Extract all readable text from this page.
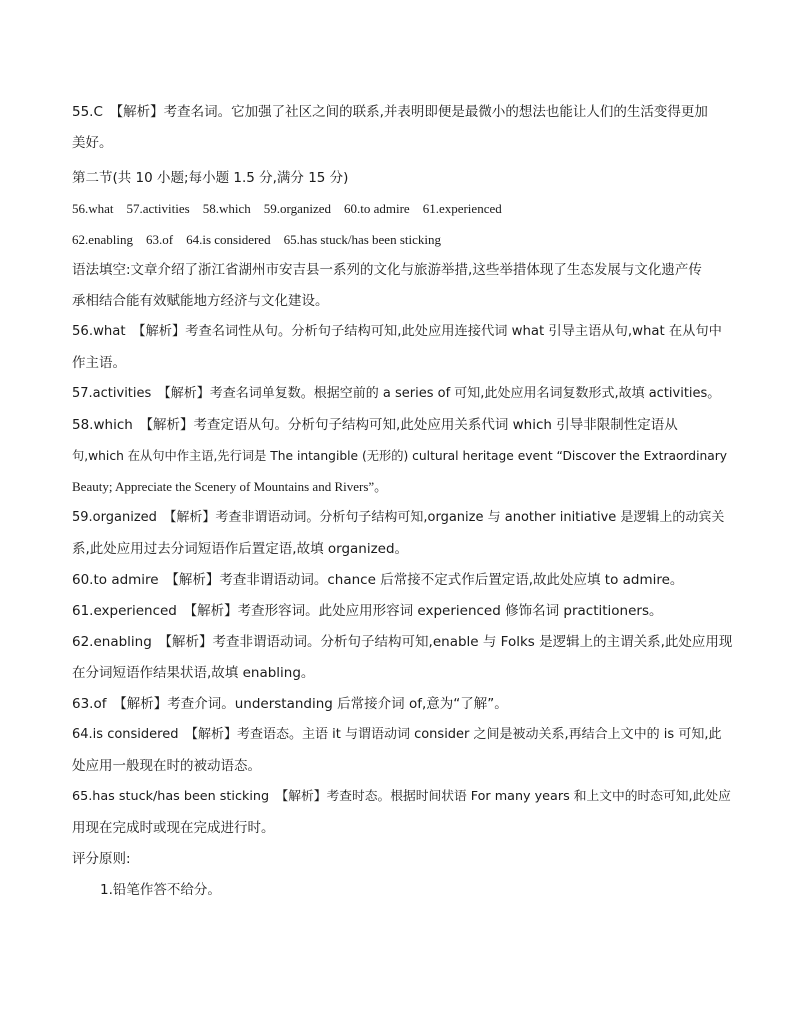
55.C　【解析】考查名词。它加强了社区之间的联系,并表明即便是最微小的想法也能让人们的生活变得更加
美好。
第二节(共 10 小题;每小题 1.5 分,满分 15 分)
56.what　57.activities　58.which　59.organized　60.to admire　61.experienced
62.enabling　63.of　64.is considered　65.has stuck/has been sticking
语法填空:文章介绍了浙江省湖州市安吉县一系列的文化与旅游举措,这些举措体现了生态发展与文化遗产传
承相结合能有效赋能地方经济与文化建设。
56.what　【解析】考查名词性从句。分析句子结构可知,此处应用连接代词 what 引导主语从句,what 在从句中
作主语。
57.activities　【解析】考查名词单复数。根据空前的 a series of 可知,此处应用名词复数形式,故填 activities。
58.which　【解析】考查定语从句。分析句子结构可知,此处应用关系代词 which 引导非限制性定语从
句,which 在从句中作主语,先行词是 The intangible (无形的) cultural heritage event “Discover the Extraordinary
Beauty; Appreciate the Scenery of Mountains and Rivers”。
59.organized　【解析】考查非谓语动词。分析句子结构可知,organize 与 another initiative 是逻辑上的动宾关
系,此处应用过去分词短语作后置定语,故填 organized。
60.to admire　【解析】考查非谓语动词。chance 后常接不定式作后置定语,故此处应填 to admire。
61.experienced　【解析】考查形容词。此处应用形容词 experienced 修饰名词 practitioners。
62.enabling　【解析】考查非谓语动词。分析句子结构可知,enable 与 Folks 是逻辑上的主谓关系,此处应用现
在分词短语作结果状语,故填 enabling。
63.of　【解析】考查介词。understanding 后常接介词 of,意为“了解”。
64.is considered　【解析】考查语态。主语 it 与谓语动词 consider 之间是被动关系,再结合上文中的 is 可知,此
处应用一般现在时的被动语态。
65.has stuck/has been sticking　【解析】考查时态。根据时间状语 For many years 和上文中的时态可知,此处应
用现在完成时或现在完成进行时。
评分原则:
1.铅笔作答不给分。
